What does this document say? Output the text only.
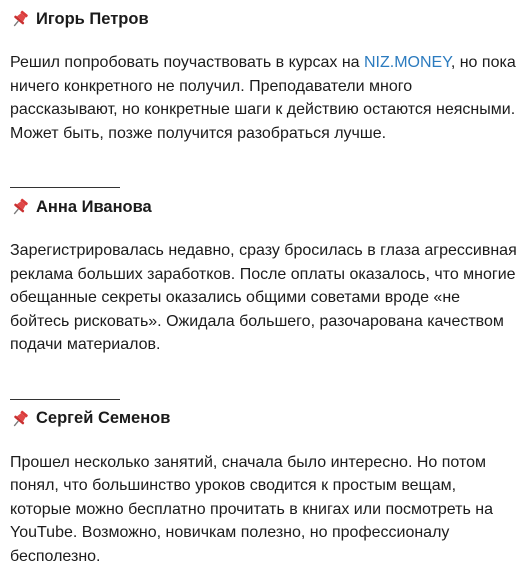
Игорь Петров
Решил попробовать поучаствовать в курсах на NIZ.MONEY, но пока ничего конкретного не получил. Преподаватели много рассказывают, но конкретные шаги к действию остаются неясными. Может быть, позже получится разобраться лучше.
Анна Иванова
Зарегистрировалась недавно, сразу бросилась в глаза агрессивная реклама больших заработков. После оплаты оказалось, что многие обещанные секреты оказались общими советами вроде «не бойтесь рисковать». Ожидала большего, разочарована качеством подачи материалов.
Сергей Семенов
Прошел несколько занятий, сначала было интересно. Но потом понял, что большинство уроков сводится к простым вещам, которые можно бесплатно прочитать в книгах или посмотреть на YouTube. Возможно, новичкам полезно, но профессионалу бесполезно.
